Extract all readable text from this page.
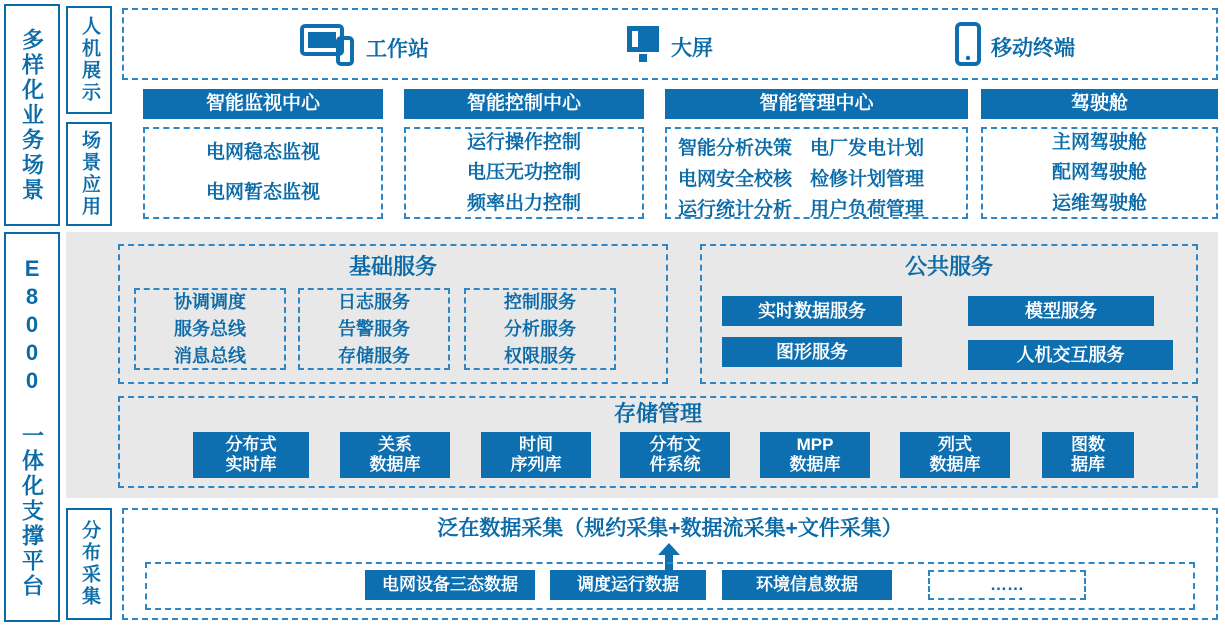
多样化业务场景
E8000 一体化支撑平台
人机展示
场景应用
分布采集
工作站	大屏	移动终端
智能监视中心
电网稳态监视
电网暂态监视
智能控制中心
运行操作控制
电压无功控制
频率出力控制
智能管理中心
智能分析决策
电网安全校核
运行统计分析
电厂发电计划
检修计划管理
用户负荷管理
驾驶舱
主网驾驶舱
配网驾驶舱
运维驾驶舱
基础服务
协调调度
服务总线
消息总线
日志服务
告警服务
存储服务
控制服务
分析服务
权限服务
公共服务
实时数据服务	模型服务
图形服务	人机交互服务
存储管理
分布式
实时库
关系
数据库
时间
序列库
分布文
件系统
MPP
数据库
列式
数据库
图数
据库
泛在数据采集（规约采集+数据流采集+文件采集）
电网设备三态数据	调度运行数据	环境信息数据	……
